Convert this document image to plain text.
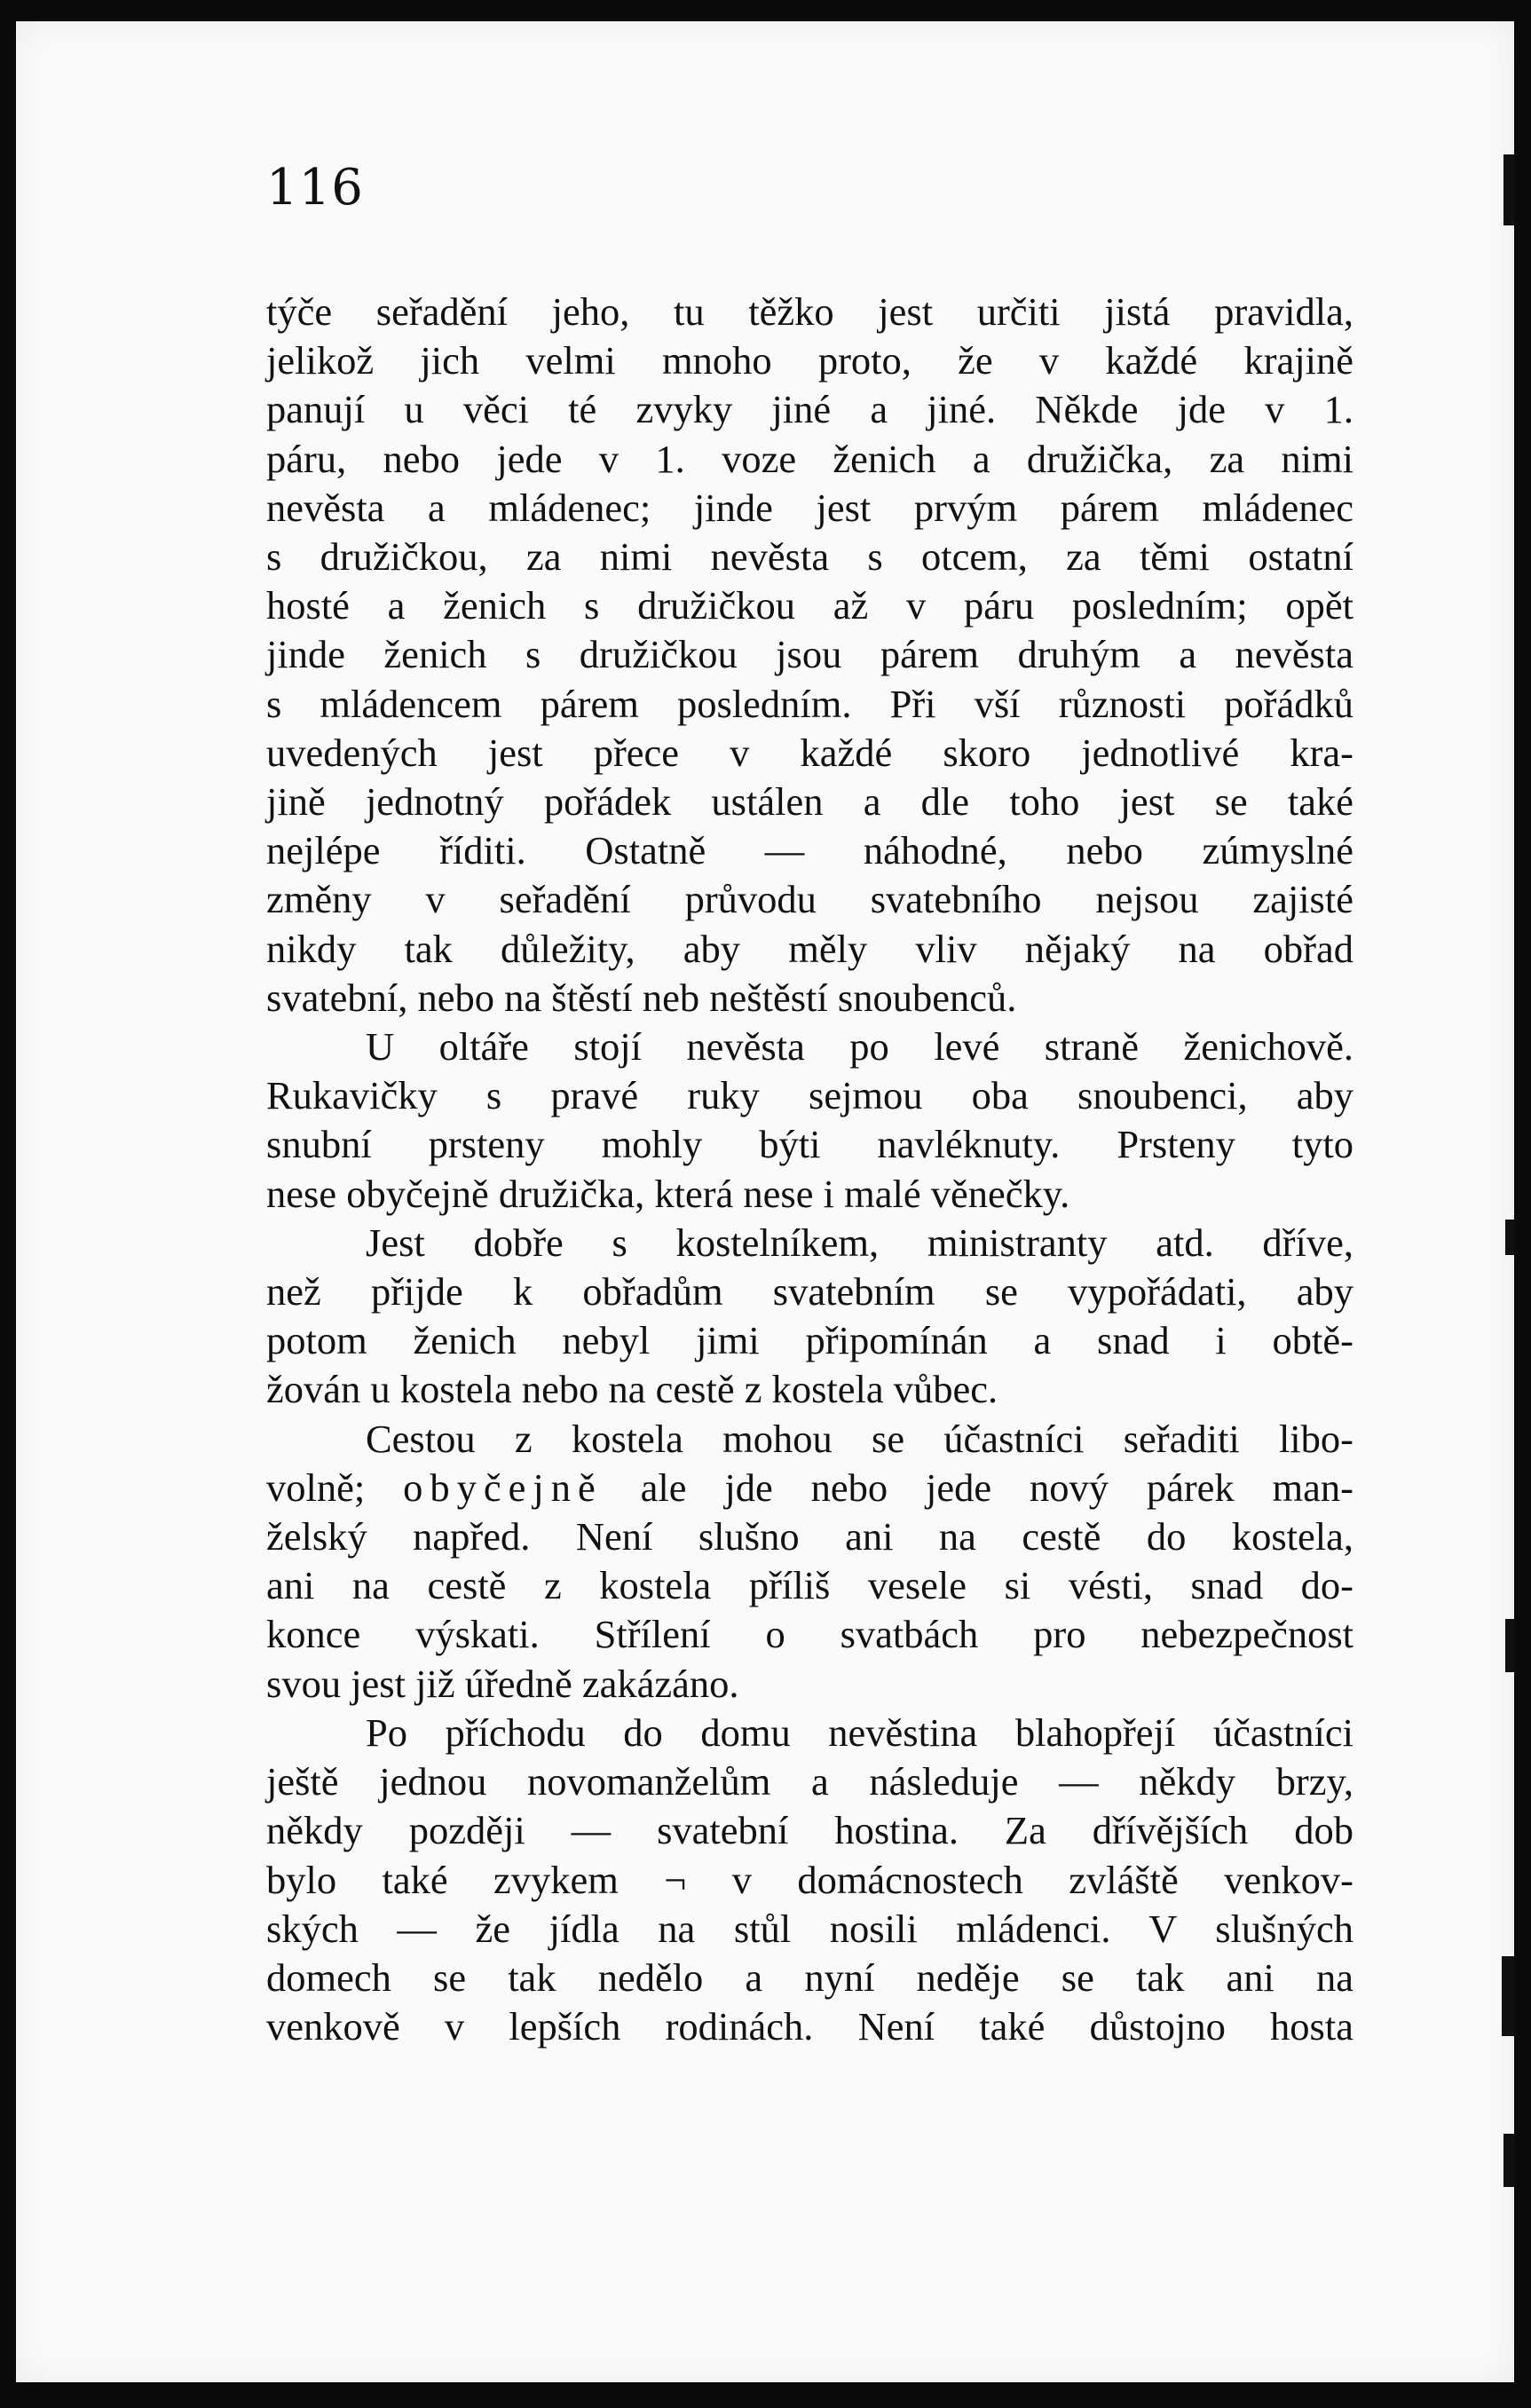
116
týče seřadění jeho, tu těžko jest určiti jistá pravidla,
jelikož jich velmi mnoho proto, že v každé krajině
panují u věci té zvyky jiné a jiné. Někde jde v 1.
páru, nebo jede v 1. voze ženich a družička, za nimi
nevěsta a mládenec; jinde jest prvým párem mládenec
s družičkou, za nimi nevěsta s otcem, za těmi ostatní
hosté a ženich s družičkou až v páru posledním; opět
jinde ženich s družičkou jsou párem druhým a nevěsta
s mládencem párem posledním. Při vší různosti pořádků
uvedených jest přece v každé skoro jednotlivé kra-
jině jednotný pořádek ustálen a dle toho jest se také
nejlépe říditi. Ostatně — náhodné, nebo zúmyslné
změny v seřadění průvodu svatebního nejsou zajisté
nikdy tak důležity, aby měly vliv nějaký na obřad
svatební, nebo na štěstí neb neštěstí snoubenců.
U oltáře stojí nevěsta po levé straně ženichově.
Rukavičky s pravé ruky sejmou oba snoubenci, aby
snubní prsteny mohly býti navléknuty. Prsteny tyto
nese obyčejně družička, která nese i malé věnečky.
Jest dobře s kostelníkem, ministranty atd. dříve,
než přijde k obřadům svatebním se vypořádati, aby
potom ženich nebyl jimi připomínán a snad i obtě-
žován u kostela nebo na cestě z kostela vůbec.
Cestou z kostela mohou se účastníci seřaditi libo-
volně; obyčejně ale jde nebo jede nový párek man-
želský napřed. Není slušno ani na cestě do kostela,
ani na cestě z kostela příliš vesele si vésti, snad do-
konce výskati. Střílení o svatbách pro nebezpečnost
svou jest již úředně zakázáno.
Po příchodu do domu nevěstina blahopřejí účastníci
ještě jednou novomanželům a následuje — někdy brzy,
někdy později — svatební hostina. Za dřívějších dob
bylo také zvykem ¬ v domácnostech zvláště venkov-
ských — že jídla na stůl nosili mládenci. V slušných
domech se tak nedělo a nyní neděje se tak ani na
venkově v lepších rodinách. Není také důstojno hosta
